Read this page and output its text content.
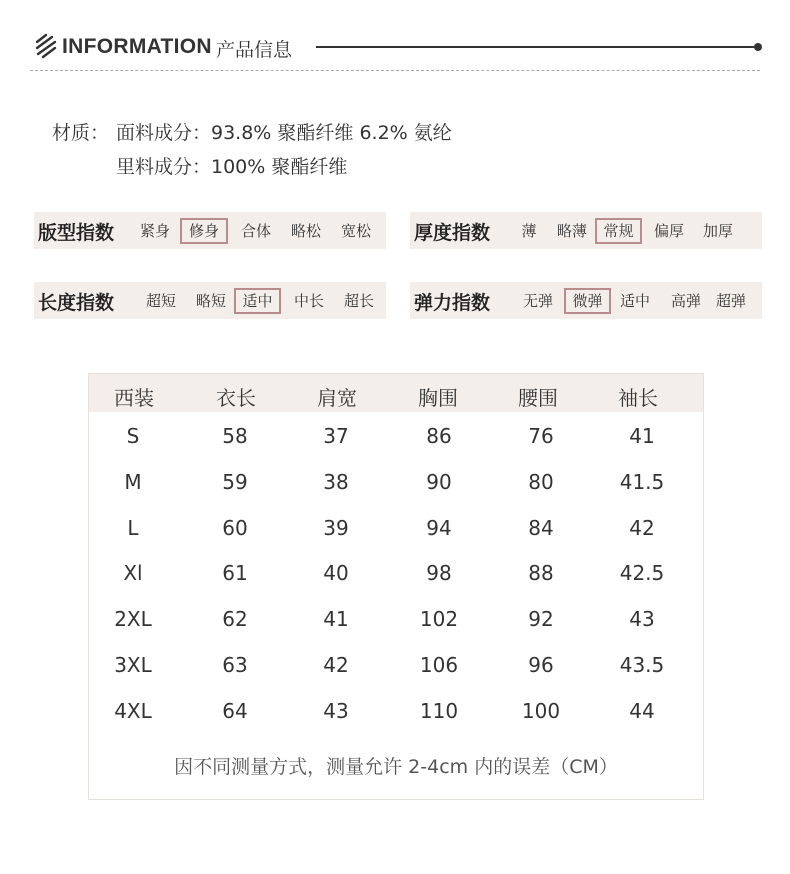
INFORMATION 产品信息
材质： 面料成分：93.8% 聚酯纤维 6.2% 氨纶
里料成分：100% 聚酯纤维
版型指数	紧身	修身	合体	略松	宽松	厚度指数	薄	略薄	常规	偏厚	加厚
长度指数	超短	略短	适中	中长	超长	弹力指数	无弹	微弹	适中	高弹 超弹
西装	衣长	肩宽	胸围	腰围	袖长
S	58	37	86	76	41
M	59	38	90	80	41.5
L	60	39	94	84	42
Xl	61	40	98	88	42.5
2XL	62	41	102	92	43
3XL	63	42	106	96	43.5
4XL	64	43	110	100	44
因不同测量方式，测量允许 2-4cm 内的误差（CM）
